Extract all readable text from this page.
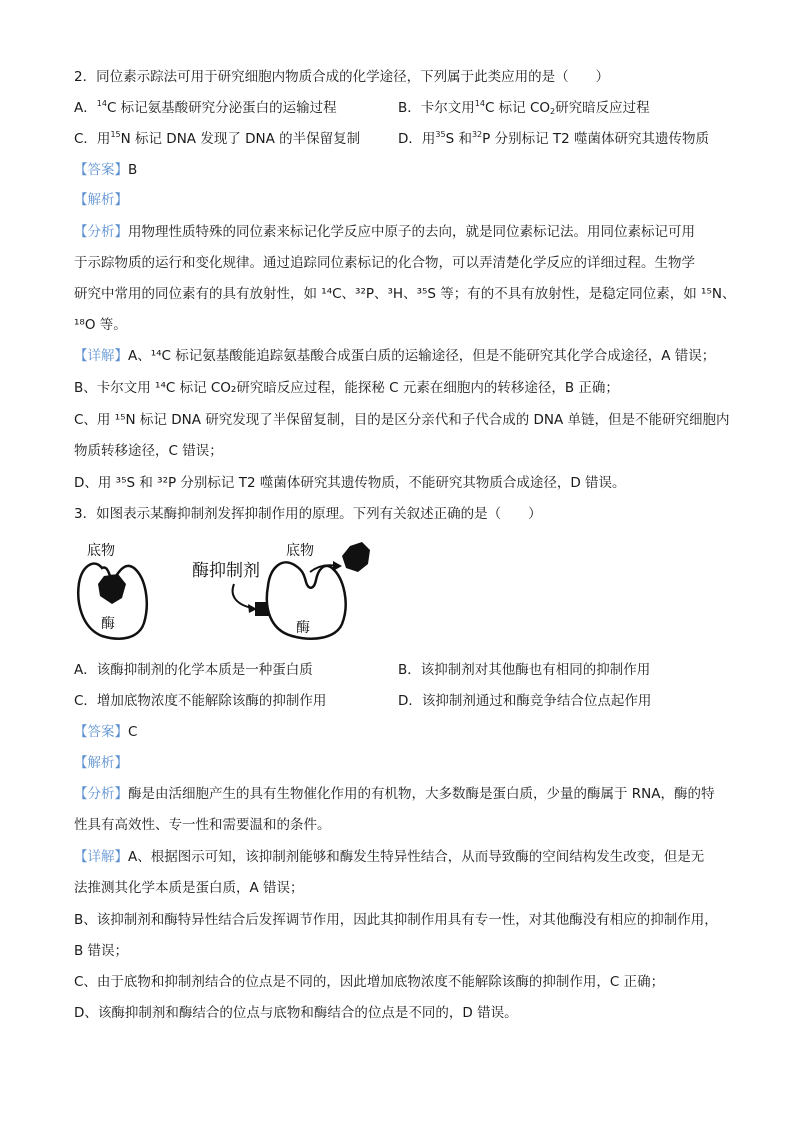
2．同位素示踪法可用于研究细胞内物质合成的化学途径，下列属于此类应用的是（　　）
A．$^{14}$C 标记氨基酸研究分泌蛋白的运输过程	B．卡尔文用$^{14}$C 标记 $CO_2$研究暗反应过程
C．用$^{15}$N 标记 DNA 发现了 DNA 的半保留复制	D．用$^{35}$S 和$^{32}$P 分别标记 T2 噬菌体研究其遗传物质
【答案】B
【解析】
【分析】用物理性质特殊的同位素来标记化学反应中原子的去向，就是同位素标记法。用同位素标记可用
于示踪物质的运行和变化规律。通过追踪同位素标记的化合物，可以弄清楚化学反应的详细过程。生物学
研究中常用的同位素有的具有放射性，如 ¹⁴C、³²P、³H、³⁵S 等；有的不具有放射性，是稳定同位素，如 ¹⁵N、
¹⁸O 等。
【详解】A、¹⁴C 标记氨基酸能追踪氨基酸合成蛋白质的运输途径，但是不能研究其化学合成途径，A 错误；
B、卡尔文用 ¹⁴C 标记 CO₂研究暗反应过程，能探秘 C 元素在细胞内的转移途径，B 正确；
C、用 ¹⁵N 标记 DNA 研究发现了半保留复制，目的是区分亲代和子代合成的 DNA 单链，但是不能研究细胞内
物质转移途径，C 错误；
D、用 ³⁵S 和 ³²P 分别标记 T2 噬菌体研究其遗传物质，不能研究其物质合成途径，D 错误。
3．如图表示某酶抑制剂发挥抑制作用的原理。下列有关叙述正确的是（　　）
底物
酶
酶抑制剂
酶
底物
A．该酶抑制剂的化学本质是一种蛋白质	B．该抑制剂对其他酶也有相同的抑制作用
C．增加底物浓度不能解除该酶的抑制作用	D．该抑制剂通过和酶竞争结合位点起作用
【答案】C
【解析】
【分析】酶是由活细胞产生的具有生物催化作用的有机物，大多数酶是蛋白质，少量的酶属于 RNA，酶的特
性具有高效性、专一性和需要温和的条件。
【详解】A、根据图示可知，该抑制剂能够和酶发生特异性结合，从而导致酶的空间结构发生改变，但是无
法推测其化学本质是蛋白质，A 错误；
B、该抑制剂和酶特异性结合后发挥调节作用，因此其抑制作用具有专一性，对其他酶没有相应的抑制作用，
B 错误；
C、由于底物和抑制剂结合的位点是不同的，因此增加底物浓度不能解除该酶的抑制作用，C 正确；
D、该酶抑制剂和酶结合的位点与底物和酶结合的位点是不同的，D 错误。
